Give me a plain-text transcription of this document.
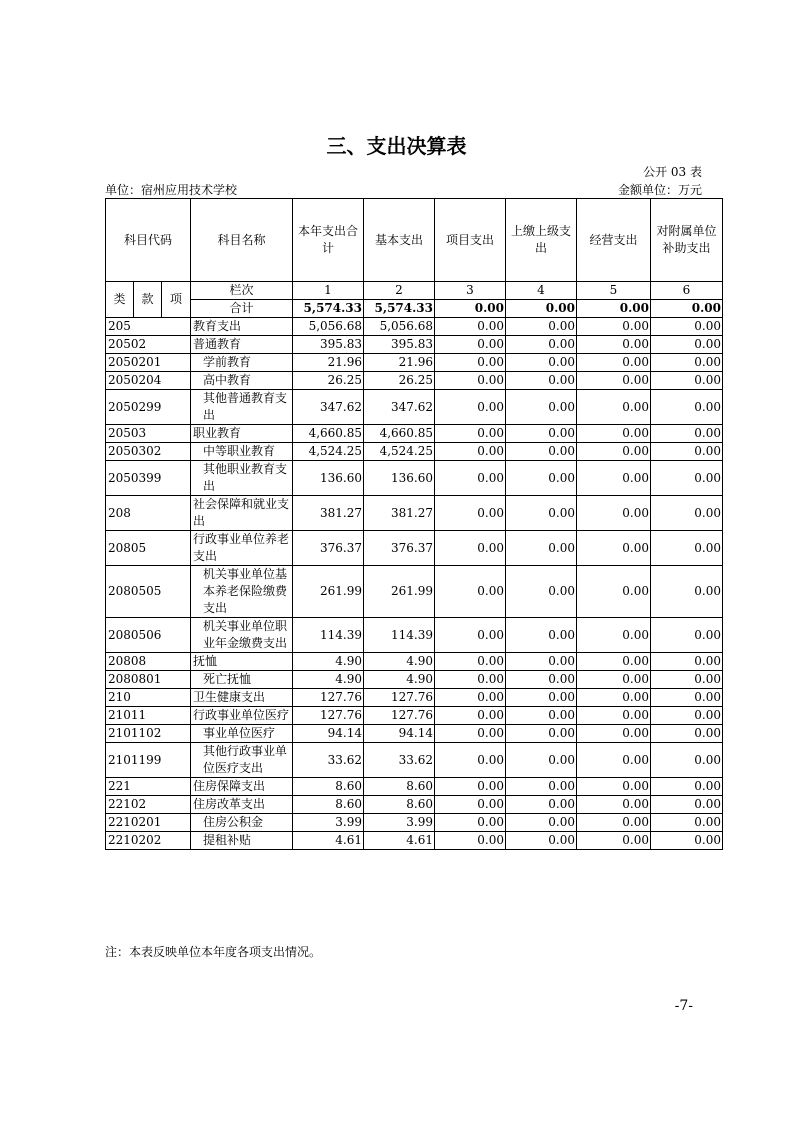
三、支出决算表
公开 03 表
单位：宿州应用技术学校	金额单位：万元
科目代码			科目名称	本年支出合计	基本支出	项目支出	上缴上级支出	经营支出	对附属单位补助支出
类	款	项	栏次	1	2	3	4	5	6
			合计	5,574.33	5,574.33	0.00	0.00	0.00	0.00
205			教育支出	5,056.68	5,056.68	0.00	0.00	0.00	0.00
20502			普通教育	395.83	395.83	0.00	0.00	0.00	0.00
2050201			学前教育	21.96	21.96	0.00	0.00	0.00	0.00
2050204			高中教育	26.25	26.25	0.00	0.00	0.00	0.00
2050299			其他普通教育支出	347.62	347.62	0.00	0.00	0.00	0.00
20503			职业教育	4,660.85	4,660.85	0.00	0.00	0.00	0.00
2050302			中等职业教育	4,524.25	4,524.25	0.00	0.00	0.00	0.00
2050399			其他职业教育支出	136.60	136.60	0.00	0.00	0.00	0.00
208			社会保障和就业支出	381.27	381.27	0.00	0.00	0.00	0.00
20805			行政事业单位养老支出	376.37	376.37	0.00	0.00	0.00	0.00
2080505			机关事业单位基本养老保险缴费支出	261.99	261.99	0.00	0.00	0.00	0.00
2080506			机关事业单位职业年金缴费支出	114.39	114.39	0.00	0.00	0.00	0.00
20808			抚恤	4.90	4.90	0.00	0.00	0.00	0.00
2080801			死亡抚恤	4.90	4.90	0.00	0.00	0.00	0.00
210			卫生健康支出	127.76	127.76	0.00	0.00	0.00	0.00
21011			行政事业单位医疗	127.76	127.76	0.00	0.00	0.00	0.00
2101102			事业单位医疗	94.14	94.14	0.00	0.00	0.00	0.00
2101199			其他行政事业单位医疗支出	33.62	33.62	0.00	0.00	0.00	0.00
221			住房保障支出	8.60	8.60	0.00	0.00	0.00	0.00
22102			住房改革支出	8.60	8.60	0.00	0.00	0.00	0.00
2210201			住房公积金	3.99	3.99	0.00	0.00	0.00	0.00
2210202			提租补贴	4.61	4.61	0.00	0.00	0.00	0.00
注：本表反映单位本年度各项支出情况。
-7-
